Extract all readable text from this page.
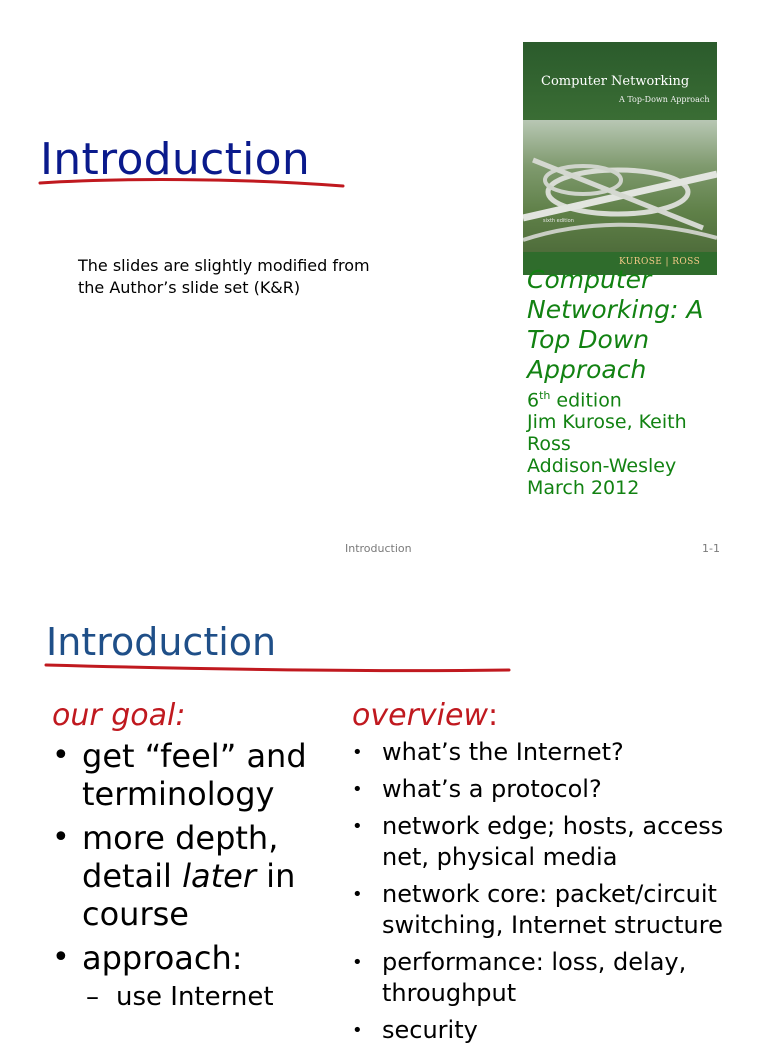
Introduction
The slides are slightly modified from
the Author’s slide set (K&R)
Computer Networking
A Top-Down Approach
sixth edition
KUROSE | ROSS
Computer
Networking: A
Top Down
Approach
6th edition
Jim Kurose, Keith
Ross
Addison-Wesley
March 2012
Introduction	1-1
Introduction

our goal:

• get “feel” and terminology
• more depth, detail later in course
• approach:
– use Internet

overview:

• what’s the Internet?
• what’s a protocol?
• network edge; hosts, access net, physical media
• network core: packet/circuit switching, Internet structure
• performance: loss, delay, throughput
• security
